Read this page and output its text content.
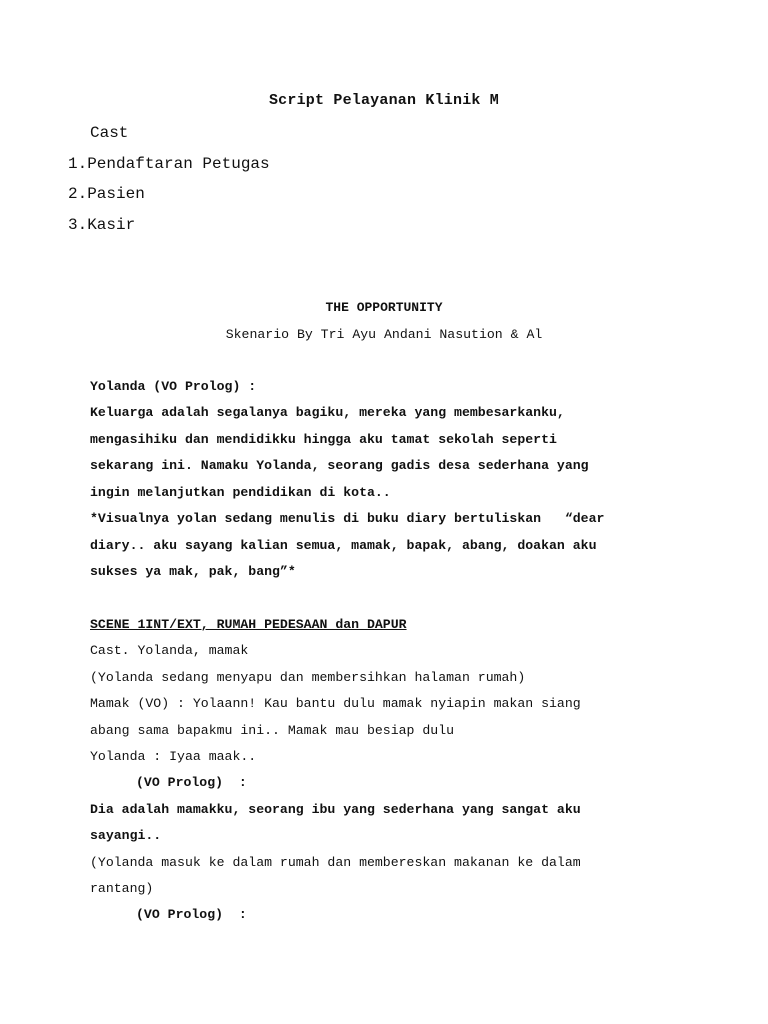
Script Pelayanan Klinik M
Cast
1.Pendaftaran Petugas
2.Pasien
3.Kasir
THE OPPORTUNITY
Skenario By Tri Ayu Andani Nasution & Al
Yolanda (VO Prolog) :
Keluarga adalah segalanya bagiku, mereka yang membesarkanku,
mengasihiku dan mendidikku hingga aku tamat sekolah seperti
sekarang ini. Namaku Yolanda, seorang gadis desa sederhana yang
ingin melanjutkan pendidikan di kota..
*Visualnya yolan sedang menulis di buku diary bertuliskan   “dear
diary.. aku sayang kalian semua, mamak, bapak, abang, doakan aku
sukses ya mak, pak, bang”*
SCENE 1INT/EXT, RUMAH PEDESAAN dan DAPUR
Cast. Yolanda, mamak
(Yolanda sedang menyapu dan membersihkan halaman rumah)
Mamak (VO) : Yolaann! Kau bantu dulu mamak nyiapin makan siang
abang sama bapakmu ini.. Mamak mau besiap dulu
Yolanda : Iyaa maak..
(VO Prolog)  :
Dia adalah mamakku, seorang ibu yang sederhana yang sangat aku
sayangi..
(Yolanda masuk ke dalam rumah dan membereskan makanan ke dalam
rantang)
(VO Prolog)  :
